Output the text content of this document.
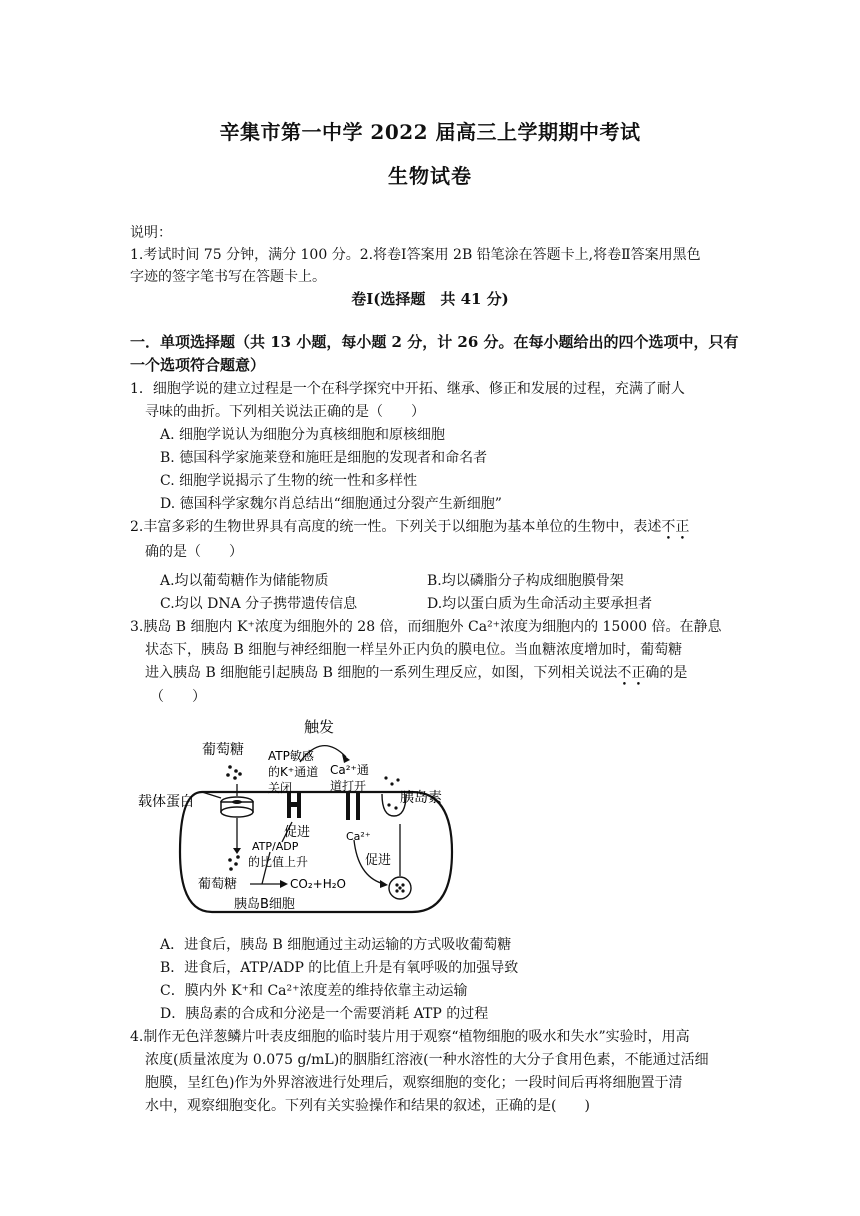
辛集市第一中学 2022 届高三上学期期中考试
生物试卷
说明：
1.考试时间 75 分钟，满分 100 分。2.将卷Ⅰ答案用 2B 铅笔涂在答题卡上,将卷Ⅱ答案用黑色
字迹的签字笔书写在答题卡上。
卷Ⅰ(选择题　共 41 分)
一．单项选择题（共 13 小题，每小题 2 分，计 26 分。在每小题给出的四个选项中，只有
一个选项符合题意）
1．细胞学说的建立过程是一个在科学探究中开拓、继承、修正和发展的过程，充满了耐人
寻味的曲折。下列相关说法正确的是（　　）
A. 细胞学说认为细胞分为真核细胞和原核细胞
B. 德国科学家施莱登和施旺是细胞的发现者和命名者
C. 细胞学说揭示了生物的统一性和多样性
D. 德国科学家魏尔肖总结出“细胞通过分裂产生新细胞”
2.丰富多彩的生物世界具有高度的统一性。下列关于以细胞为基本单位的生物中，表述不正
确的是（　　）
A.均以葡萄糖作为储能物质	B.均以磷脂分子构成细胞膜骨架
C.均以 DNA 分子携带遗传信息	D.均以蛋白质为生命活动主要承担者
3.胰岛 B 细胞内 K⁺浓度为细胞外的 28 倍，而细胞外 Ca²⁺浓度为细胞内的 15000 倍。在静息
状态下，胰岛 B 细胞与神经细胞一样呈外正内负的膜电位。当血糖浓度增加时，葡萄糖
进入胰岛 B 细胞能引起胰岛 B 细胞的一系列生理反应，如图，下列相关说法不正确的是
（　　）
触发
葡萄糖 ATP敏感
的K⁺通道
关闭
Ca²⁺通
道打开
载体蛋白	胰岛素
促进
ATP/ADP
的比值上升
Ca²⁺
促进
葡萄糖	CO₂+H₂O
胰岛B细胞
A．进食后，胰岛 B 细胞通过主动运输的方式吸收葡萄糖
B．进食后，ATP/ADP 的比值上升是有氧呼吸的加强导致
C．膜内外 K⁺和 Ca²⁺浓度差的维持依靠主动运输
D．胰岛素的合成和分泌是一个需要消耗 ATP 的过程
4.制作无色洋葱鳞片叶表皮细胞的临时装片用于观察“植物细胞的吸水和失水”实验时，用高
浓度(质量浓度为 0.075 g/mL)的胭脂红溶液(一种水溶性的大分子食用色素，不能通过活细
胞膜，呈红色)作为外界溶液进行处理后，观察细胞的变化；一段时间后再将细胞置于清
水中，观察细胞变化。下列有关实验操作和结果的叙述，正确的是(　　)
